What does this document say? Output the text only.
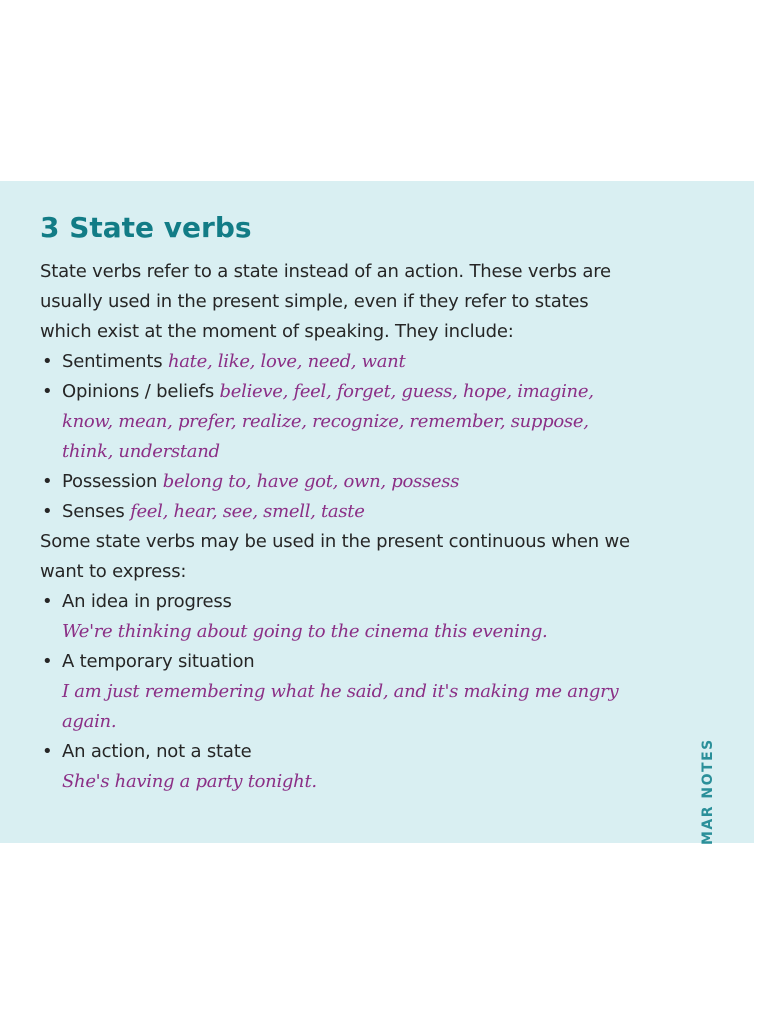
3 State verbs

State verbs refer to a state instead of an action. These verbs are usually used in the present simple, even if they refer to states which exist at the moment of speaking. They include:

• Sentiments hate, like, love, need, want
• Opinions / beliefs believe, feel, forget, guess, hope, imagine, know, mean, prefer, realize, recognize, remember, suppose, think, understand
• Possession belong to, have got, own, possess
• Senses feel, hear, see, smell, taste

Some state verbs may be used in the present continuous when we want to express:

• An idea in progress
We're thinking about going to the cinema this evening.
• A temporary situation
I am just remembering what he said, and it's making me angry again.
• An action, not a state
She's having a party tonight.	MAR NOTES
